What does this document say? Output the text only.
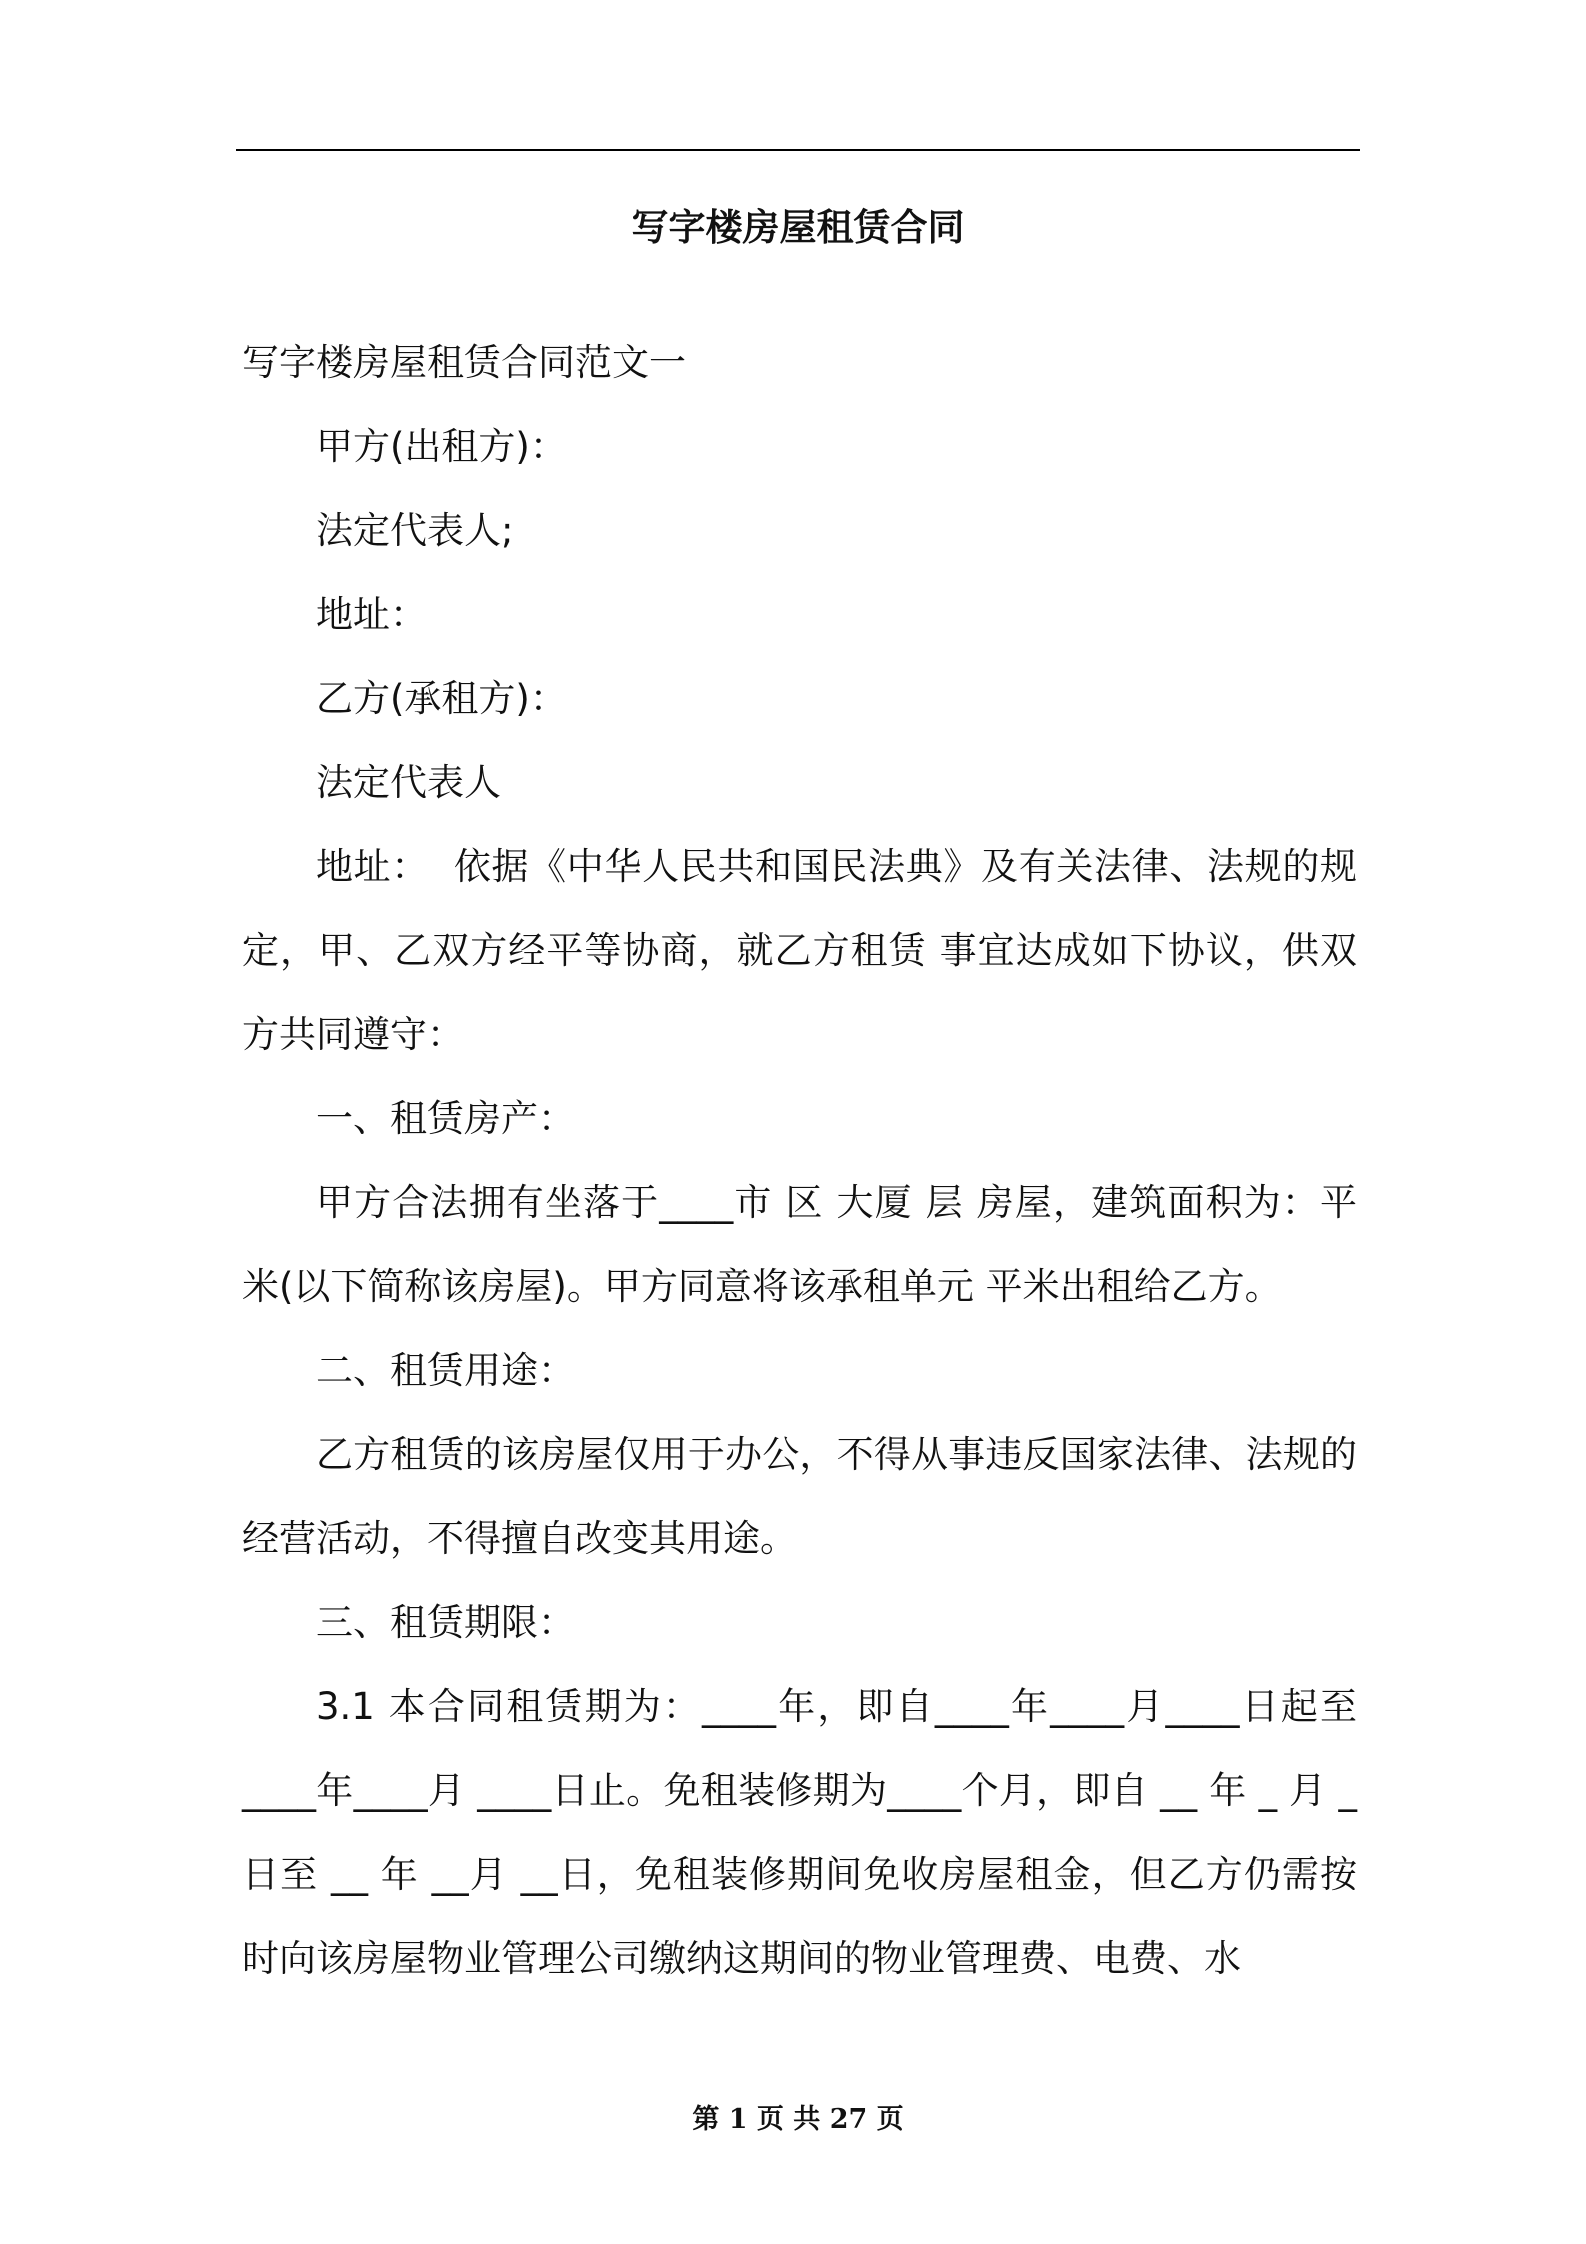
写字楼房屋租赁合同

写字楼房屋租赁合同范文一

甲方(出租方)：

法定代表人;

地址：

乙方(承租方)：

法定代表人

地址：  依据《中华人民共和国民法典》及有关法律、法规的规定，甲、乙双方经平等协商，就乙方租赁 事宜达成如下协议，供双方共同遵守：

一、租赁房产：

甲方合法拥有坐落于____市 区 大厦 层 房屋，建筑面积为：平 米(以下简称该房屋)。甲方同意将该承租单元 平米出租给乙方。

二、租赁用途：

乙方租赁的该房屋仅用于办公，不得从事违反国家法律、法规的经营活动，不得擅自改变其用途。

三、租赁期限：

3.1 本合同租赁期为：____年，即自____年____月____日起至____年____月 ____日止。免租装修期为____个月，即自 __ 年 _ 月 _ 日至 __ 年 __月 __日，免租装修期间免收房屋租金，但乙方仍需按时向该房屋物业管理公司缴纳这期间的物业管理费、电费、水

第 1 页 共 27 页
